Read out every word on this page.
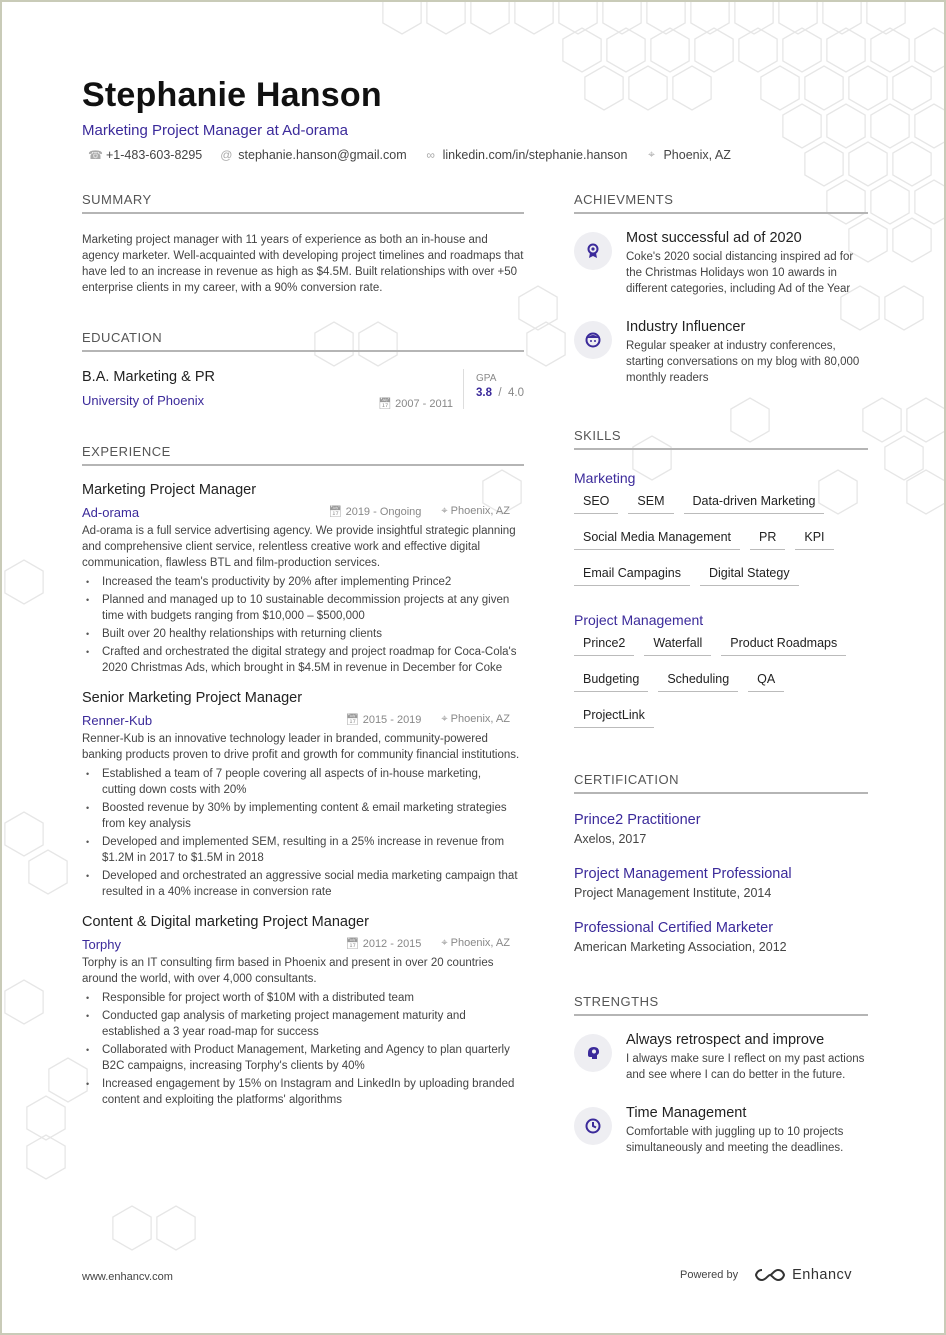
Stephanie Hanson
Marketing Project Manager at Ad-orama
☎ +1-483-603-8295 @ stephanie.hanson@gmail.com ∞ linkedin.com/in/stephanie.hanson ⌖ Phoenix, AZ
SUMMARY
Marketing project manager with 11 years of experience as both an in-house and agency marketer. Well-acquainted with developing project timelines and roadmaps that have led to an increase in revenue as high as $4.5M. Built relationships with over +50 enterprise clients in my career, with a 90% conversion rate.
EDUCATION
B.A. Marketing & PR
University of Phoenix	📅︎ 2007 - 2011
GPA
3.8  /  4.0
EXPERIENCE
Marketing Project Manager
Ad-orama	📅︎ 2019 - Ongoing ⌖ Phoenix, AZ
Ad-orama is a full service advertising agency. We provide insightful strategic planning and comprehensive client service, relentless creative work and effective digital communication, flawless BTL and film-production services.
• Increased the team's productivity by 20% after implementing Prince2
• Planned and managed up to 10 sustainable decommission projects at any given time with budgets ranging from $10,000 – $500,000
• Built over 20 healthy relationships with returning clients
• Crafted and orchestrated the digital strategy and project roadmap for Coca-Cola's 2020 Christmas Ads, which brought in $4.5M in revenue in December for Coke
Senior Marketing Project Manager
Renner-Kub	📅︎ 2015 - 2019 ⌖ Phoenix, AZ
Renner-Kub is an innovative technology leader in branded, community-powered banking products proven to drive profit and growth for community financial institutions.
• Established a team of 7 people covering all aspects of in-house marketing, cutting down costs with 20%
• Boosted revenue by 30% by implementing content & email marketing strategies from key analysis
• Developed and implemented SEM, resulting in a 25% increase in revenue from $1.2M in 2017 to $1.5M in 2018
• Developed and orchestrated an aggressive social media marketing campaign that resulted in a 40% increase in conversion rate
Content & Digital marketing Project Manager
Torphy	📅︎ 2012 - 2015 ⌖ Phoenix, AZ
Torphy is an IT consulting firm based in Phoenix and present in over 20 countries around the world, with over 4,000 consultants.
• Responsible for project worth of $10M with a distributed team
• Conducted gap analysis of marketing project management maturity and established a 3 year road-map for success
• Collaborated with Product Management, Marketing and Agency to plan quarterly B2C campaigns, increasing Torphy's clients by 40%
• Increased engagement by 15% on Instagram and LinkedIn by uploading branded content and exploiting the platforms' algorithms
ACHIEVMENTS
Most successful ad of 2020
Coke's 2020 social distancing inspired ad for the Christmas Holidays won 10 awards in different categories, including Ad of the Year
Industry Influencer
Regular speaker at industry conferences, starting conversations on my blog with 80,000 monthly readers
SKILLS
Marketing
SEO	SEM	Data-driven Marketing
Social Media Management	PR	KPI
Email Campagins	Digital Stategy
Project Management
Prince2	Waterfall	Product Roadmaps
Budgeting	Scheduling	QA
ProjectLink
CERTIFICATION
Prince2 Practitioner
Axelos, 2017
Project Management Professional
Project Management Institute, 2014
Professional Certified Marketer
American Marketing Association, 2012
STRENGTHS
Always retrospect and improve
I always make sure I reflect on my past actions and see where I can do better in the future.
Time Management
Comfortable with juggling up to 10 projects simultaneously and meeting the deadlines.
www.enhancv.com	Powered by	Enhancv
